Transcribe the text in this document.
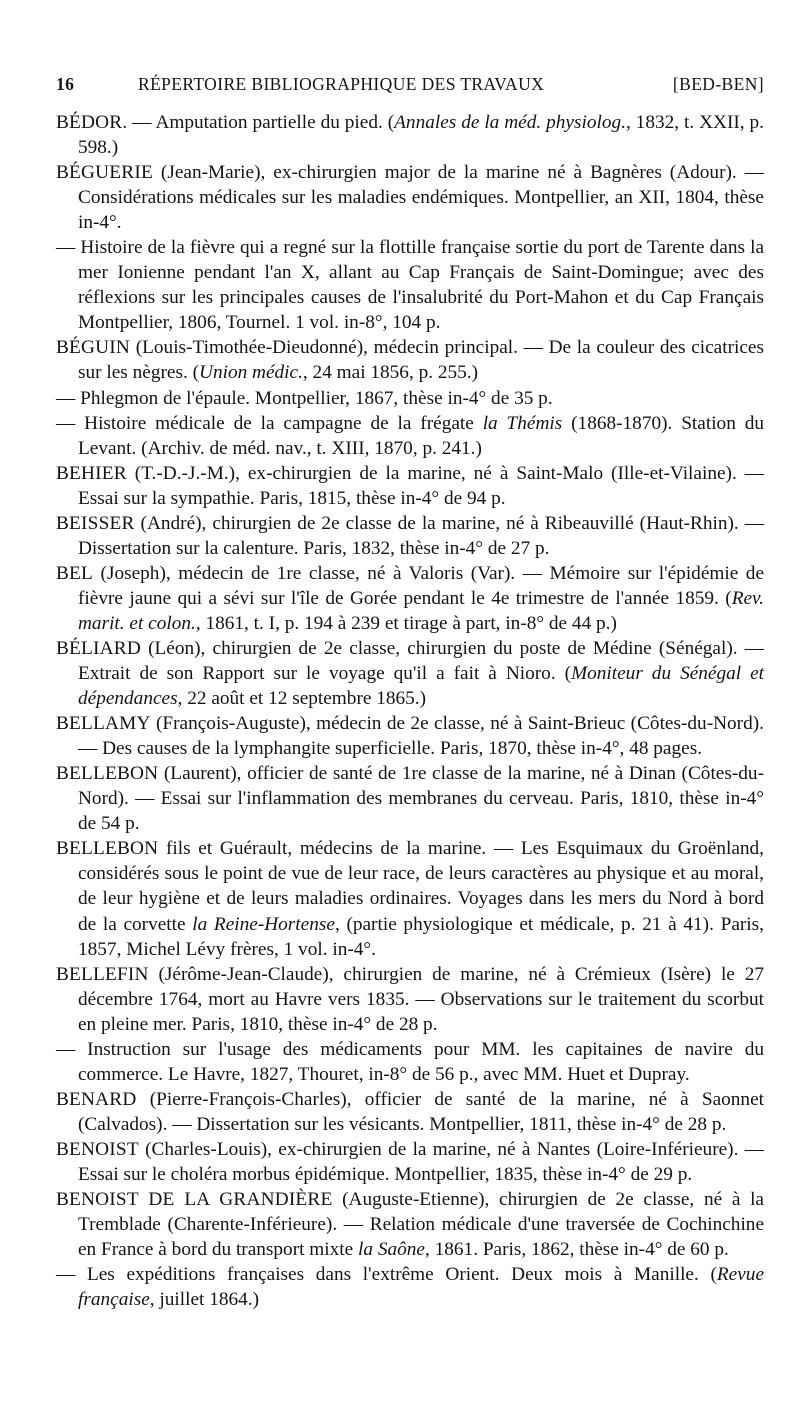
16	RÉPERTOIRE BIBLIOGRAPHIQUE DES TRAVAUX	[BED-BEN]

BÉDOR. — Amputation partielle du pied. (Annales de la méd. physiolog., 1832, t. XXII, p. 598.)

BÉGUERIE (Jean-Marie), ex-chirurgien major de la marine né à Bagnères (Adour). — Considérations médicales sur les maladies endémiques. Montpellier, an XII, 1804, thèse in-4°.

— Histoire de la fièvre qui a regné sur la flottille française sortie du port de Tarente dans la mer Ionienne pendant l'an X, allant au Cap Français de Saint-Domingue; avec des réflexions sur les principales causes de l'insalubrité du Port-Mahon et du Cap Français Montpellier, 1806, Tournel. 1 vol. in-8°, 104 p.

BÉGUIN (Louis-Timothée-Dieudonné), médecin principal. — De la couleur des cicatrices sur les nègres. (Union médic., 24 mai 1856, p. 255.)

— Phlegmon de l'épaule. Montpellier, 1867, thèse in-4° de 35 p.

— Histoire médicale de la campagne de la frégate la Thémis (1868-1870). Station du Levant. (Archiv. de méd. nav., t. XIII, 1870, p. 241.)

BEHIER (T.-D.-J.-M.), ex-chirurgien de la marine, né à Saint-Malo (Ille-et-Vilaine). — Essai sur la sympathie. Paris, 1815, thèse in-4° de 94 p.

BEISSER (André), chirurgien de 2e classe de la marine, né à Ribeauvillé (Haut-Rhin). — Dissertation sur la calenture. Paris, 1832, thèse in-4° de 27 p.

BEL (Joseph), médecin de 1re classe, né à Valoris (Var). — Mémoire sur l'épidémie de fièvre jaune qui a sévi sur l'île de Gorée pendant le 4e trimestre de l'année 1859. (Rev. marit. et colon., 1861, t. I, p. 194 à 239 et tirage à part, in-8° de 44 p.)

BÉLIARD (Léon), chirurgien de 2e classe, chirurgien du poste de Médine (Sénégal). — Extrait de son Rapport sur le voyage qu'il a fait à Nioro. (Moniteur du Sénégal et dépendances, 22 août et 12 septembre 1865.)

BELLAMY (François-Auguste), médecin de 2e classe, né à Saint-Brieuc (Côtes-du-Nord). — Des causes de la lymphangite superficielle. Paris, 1870, thèse in-4°, 48 pages.

BELLEBON (Laurent), officier de santé de 1re classe de la marine, né à Dinan (Côtes-du-Nord). — Essai sur l'inflammation des membranes du cerveau. Paris, 1810, thèse in-4° de 54 p.

BELLEBON fils et Guérault, médecins de la marine. — Les Esquimaux du Groënland, considérés sous le point de vue de leur race, de leurs caractères au physique et au moral, de leur hygiène et de leurs maladies ordinaires. Voyages dans les mers du Nord à bord de la corvette la Reine-Hortense, (partie physiologique et médicale, p. 21 à 41). Paris, 1857, Michel Lévy frères, 1 vol. in-4°.

BELLEFIN (Jérôme-Jean-Claude), chirurgien de marine, né à Crémieux (Isère) le 27 décembre 1764, mort au Havre vers 1835. — Observations sur le traitement du scorbut en pleine mer. Paris, 1810, thèse in-4° de 28 p.

— Instruction sur l'usage des médicaments pour MM. les capitaines de navire du commerce. Le Havre, 1827, Thouret, in-8° de 56 p., avec MM. Huet et Dupray.

BENARD (Pierre-François-Charles), officier de santé de la marine, né à Saonnet (Calvados). — Dissertation sur les vésicants. Montpellier, 1811, thèse in-4° de 28 p.

BENOIST (Charles-Louis), ex-chirurgien de la marine, né à Nantes (Loire-Inférieure). — Essai sur le choléra morbus épidémique. Montpellier, 1835, thèse in-4° de 29 p.

BENOIST DE LA GRANDIÈRE (Auguste-Etienne), chirurgien de 2e classe, né à la Tremblade (Charente-Inférieure). — Relation médicale d'une traversée de Cochinchine en France à bord du transport mixte la Saône, 1861. Paris, 1862, thèse in-4° de 60 p.

— Les expéditions françaises dans l'extrême Orient. Deux mois à Manille. (Revue française, juillet 1864.)
